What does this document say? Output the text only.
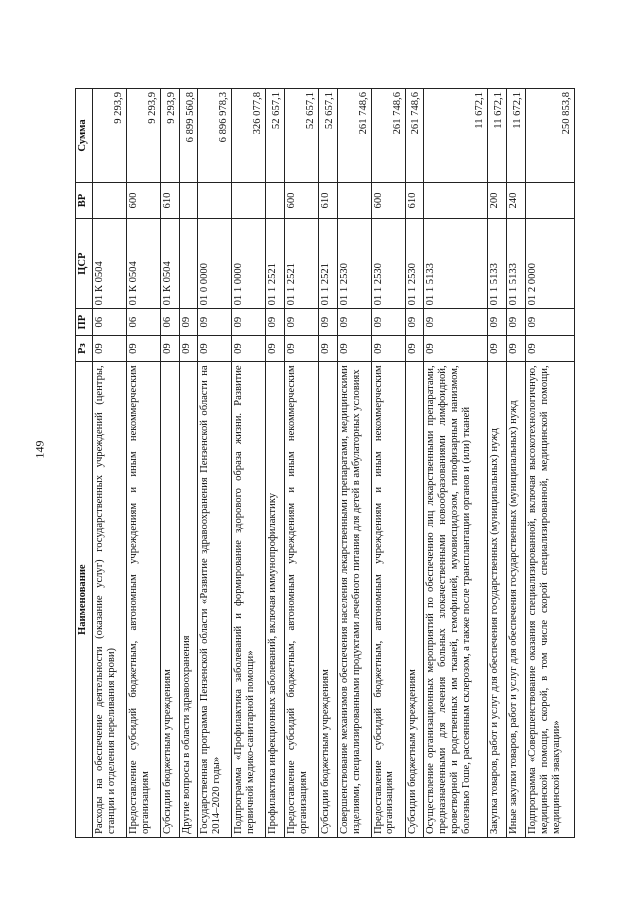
149
Наименование	Рз	ПР	ЦСР	ВР	Сумма
Расходы на обеспечение деятельности (оказание услуг) государственных учреждений (центры, станции и отделения переливания крови)	09	06	01 К 0504		9 293,9
Предоставление субсидий бюджетным, автономным учреждениям и иным некоммерческим организациям	09	06	01 К 0504	600	9 293,9
Субсидии бюджетным учреждениям	09	06	01 К 0504	610	9 293,9
Другие вопросы в области здравоохранения	09	09			6 899 560,8
Государственная программа Пензенской области «Развитие здравоохранения Пензенской области на 2014–2020 годы»	09	09	01 0 0000		6 896 978,3
Подпрограмма «Профилактика заболеваний и формирование здорового образа жизни. Развитие первичной медико-санитарной помощи»	09	09	01 1 0000		326 077,8
Профилактика инфекционных заболеваний, включая иммунопрофилактику	09	09	01 1 2521		52 657,1
Предоставление субсидий бюджетным, автономным учреждениям и иным некоммерческим организациям	09	09	01 1 2521	600	52 657,1
Субсидии бюджетным учреждениям	09	09	01 1 2521	610	52 657,1
Совершенствование механизмов обеспечения населения лекарственными препаратами, медицинскими изделиями, специализированными продуктами лечебного питания для детей в амбулаторных условиях	09	09	01 1 2530		261 748,6
Предоставление субсидий бюджетным, автономным учреждениям и иным некоммерческим организациям	09	09	01 1 2530	600	261 748,6
Субсидии бюджетным учреждениям	09	09	01 1 2530	610	261 748,6
Осуществление организационных мероприятий по обеспечению лиц лекарственными препаратами, предназначенными для лечения больных злокачественными новообразованиями лимфоидной, кроветворной и родственных им тканей, гемофилией, муковисцидозом, гипофизарным нанизмом, болезнью Гоше, рассеянным склерозом, а также после трансплантации органов и (или) тканей	09	09	01 1 5133		11 672,1
Закупка товаров, работ и услуг для обеспечения государственных (муниципальных) нужд	09	09	01 1 5133	200	11 672,1
Иные закупки товаров, работ и услуг для обеспечения государственных (муниципальных) нужд	09	09	01 1 5133	240	11 672,1
Подпрограмма «Совершенствование оказания специализированной, включая высокотехнологичную, медицинской помощи, скорой, в том числе скорой специализированной, медицинской помощи, медицинской эвакуации»	09	09	01 2 0000		250 853,8
